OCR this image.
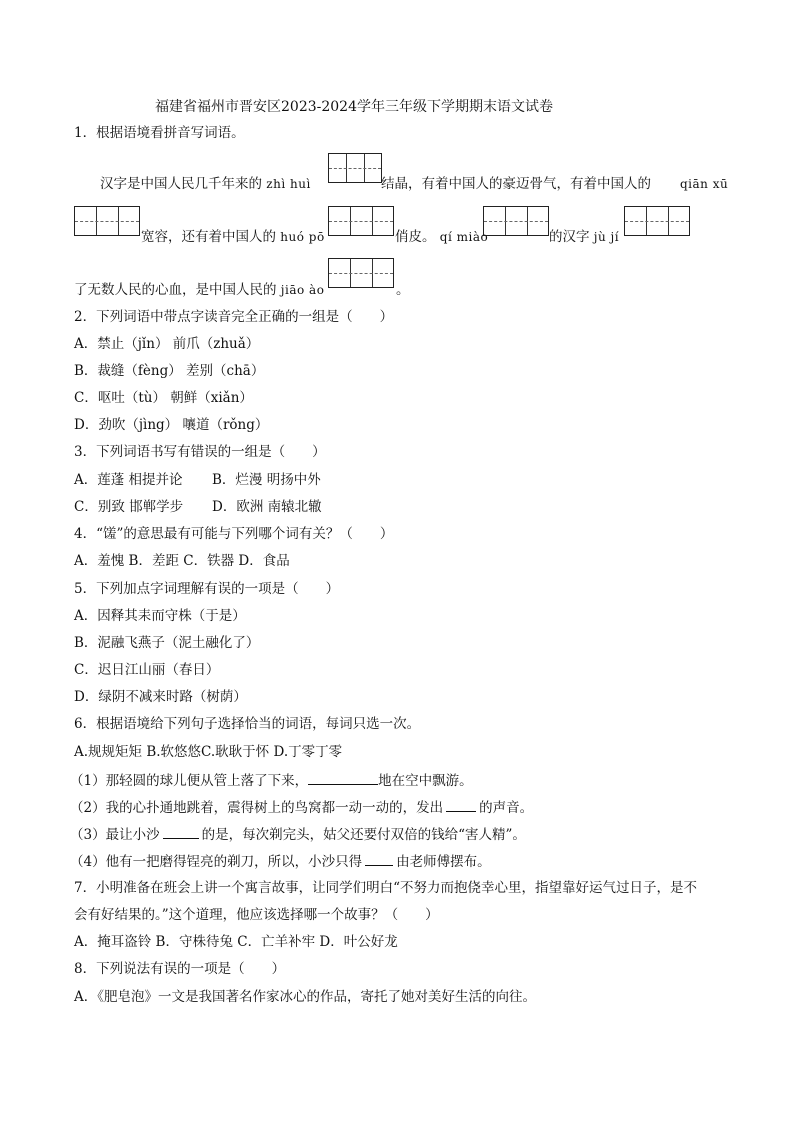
福建省福州市晋安区2023-2024学年三年级下学期期末语文试卷
1．根据语境看拼音写词语。
汉字是中国人民几千年来的 zhì huì	结晶，有着中国人的豪迈骨气，有着中国人的 qiān xū
宽容，还有着中国人的 huó pō	俏皮。 qí miào	的汉字 jù jí
了无数人民的心血，是中国人民的 jiāo ào	。
2．下列词语中带点字读音完全正确的一组是（　　）
A．禁止（jǐn） 前爪（zhuǎ）
B．裁缝（fèng） 差别（chā）
C．呕吐（tù） 朝鲜（xiǎn）
D．劲吹（jìng） 嚷道（rǒng）
3．下列词语书写有错误的一组是（　　）
A．莲蓬 相提并论 B．烂漫 明扬中外
C．别致 邯郸学步 D．欧洲 南辕北辙
4．“馐”的意思最有可能与下列哪个词有关？（　　）
A．羞愧 B．差距 C．铁器 D．食品
5．下列加点字词理解有误的一项是（　　）
A．因释其耒而守株（于是）
B．泥融飞燕子（泥土融化了）
C．迟日江山丽（春日）
D．绿阴不减来时路（树荫）
6．根据语境给下列句子选择恰当的词语，每词只选一次。
A.规规矩矩 B.软悠悠C.耿耿于怀 D.丁零丁零
（1）那轻圆的球儿便从管上落了下来，	地在空中飘游。
（2）我的心扑通地跳着，震得树上的鸟窝都一动一动的，发出	的声音。
（3）最让小沙	的是，每次剃完头，姑父还要付双倍的钱给“害人精”。
（4）他有一把磨得锃亮的剃刀，所以，小沙只得	由老师傅摆布。
7．小明准备在班会上讲一个寓言故事，让同学们明白“不努力而抱侥幸心里，指望靠好运气过日子，是不
会有好结果的。”这个道理，他应该选择哪一个故事？（　　）
A．掩耳盗铃 B．守株待兔 C．亡羊补牢 D．叶公好龙
8．下列说法有误的一项是（　　）
A．《肥皂泡》一文是我国著名作家冰心的作品，寄托了她对美好生活的向往。
